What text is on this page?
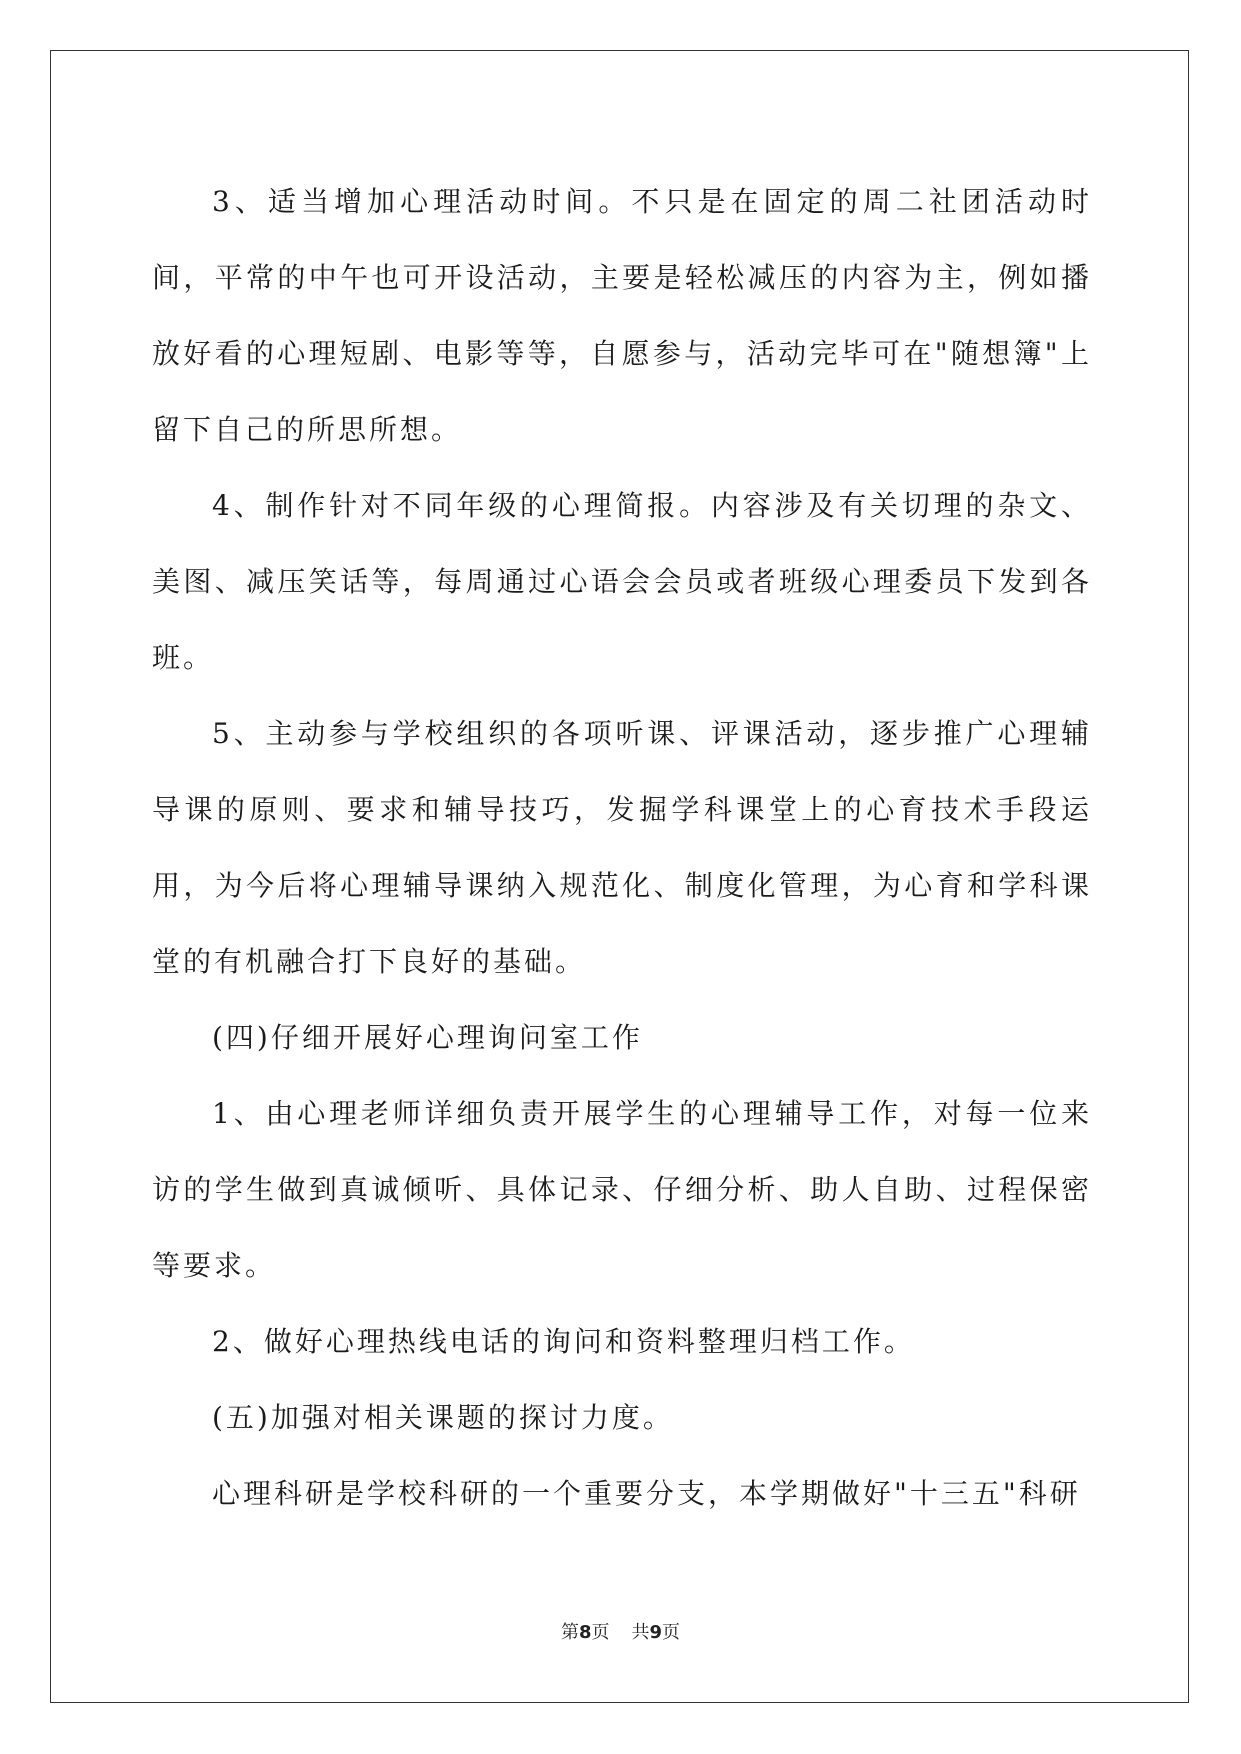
3、适当增加心理活动时间。不只是在固定的周二社团活动时间，平常的中午也可开设活动，主要是轻松减压的内容为主，例如播放好看的心理短剧、电影等等，自愿参与，活动完毕可在"随想簿"上留下自己的所思所想。

4、制作针对不同年级的心理简报。内容涉及有关切理的杂文、美图、减压笑话等，每周通过心语会会员或者班级心理委员下发到各班。

5、主动参与学校组织的各项听课、评课活动，逐步推广心理辅导课的原则、要求和辅导技巧，发掘学科课堂上的心育技术手段运用，为今后将心理辅导课纳入规范化、制度化管理，为心育和学科课堂的有机融合打下良好的基础。

(四)仔细开展好心理询问室工作

1、由心理老师详细负责开展学生的心理辅导工作，对每一位来访的学生做到真诚倾听、具体记录、仔细分析、助人自助、过程保密等要求。

2、做好心理热线电话的询问和资料整理归档工作。

(五)加强对相关课题的探讨力度。

心理科研是学校科研的一个重要分支，本学期做好"十三五"科研

第8页 共9页
